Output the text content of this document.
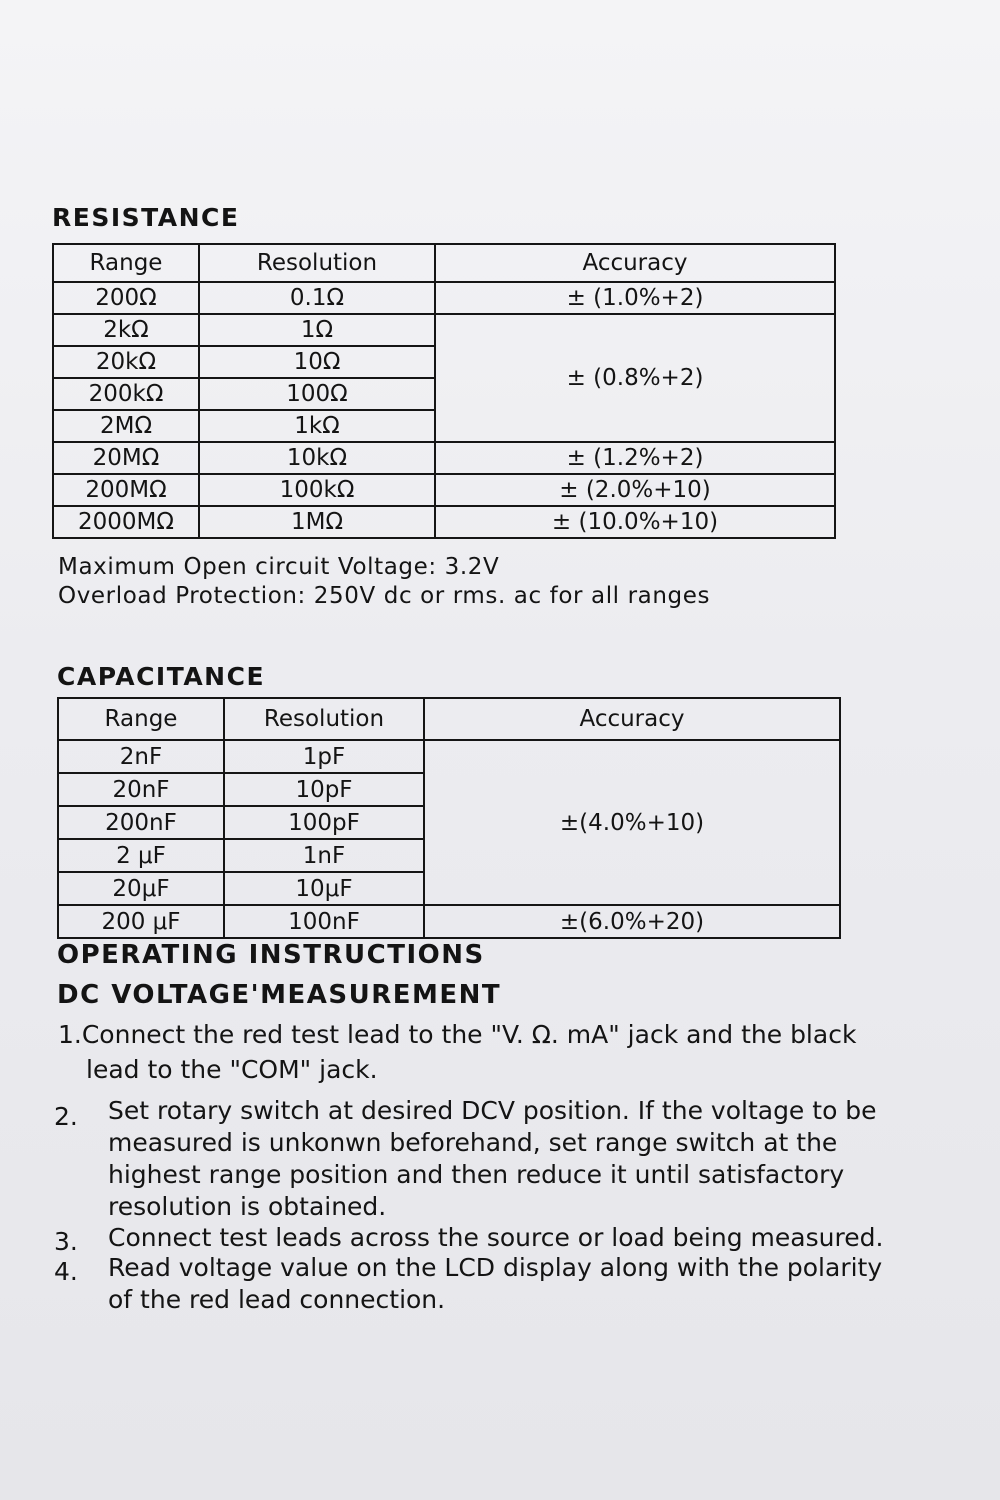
RESISTANCE
Range	Resolution	Accuracy
200Ω	0.1Ω	± (1.0%+2)
2kΩ	1Ω	± (0.8%+2)
20kΩ	10Ω	
200kΩ	100Ω	
2MΩ	1kΩ	
20MΩ	10kΩ	± (1.2%+2)
200MΩ	100kΩ	± (2.0%+10)
2000MΩ	1MΩ	± (10.0%+10)
Maximum Open circuit Voltage: 3.2V
Overload Protection: 250V dc or rms. ac for all ranges
CAPACITANCE
Range	Resolution	Accuracy
2nF	1pF	±(4.0%+10)
20nF	10pF	
200nF	100pF	
2 μF	1nF	
20μF	10μF	
200 μF	100nF	±(6.0%+20)
OPERATING INSTRUCTIONS
DC VOLTAGE'MEASUREMENT
1.Connect the red test lead to the "V. Ω. mA" jack and the black
lead to the "COM" jack.
2. Set rotary switch at desired DCV position. If the voltage to be
measured is unkonwn beforehand, set range switch at the
highest range position and then reduce it until satisfactory
resolution is obtained.
3. Connect test leads across the source or load being measured.
4. Read voltage value on the LCD display along with the polarity
of the red lead connection.
